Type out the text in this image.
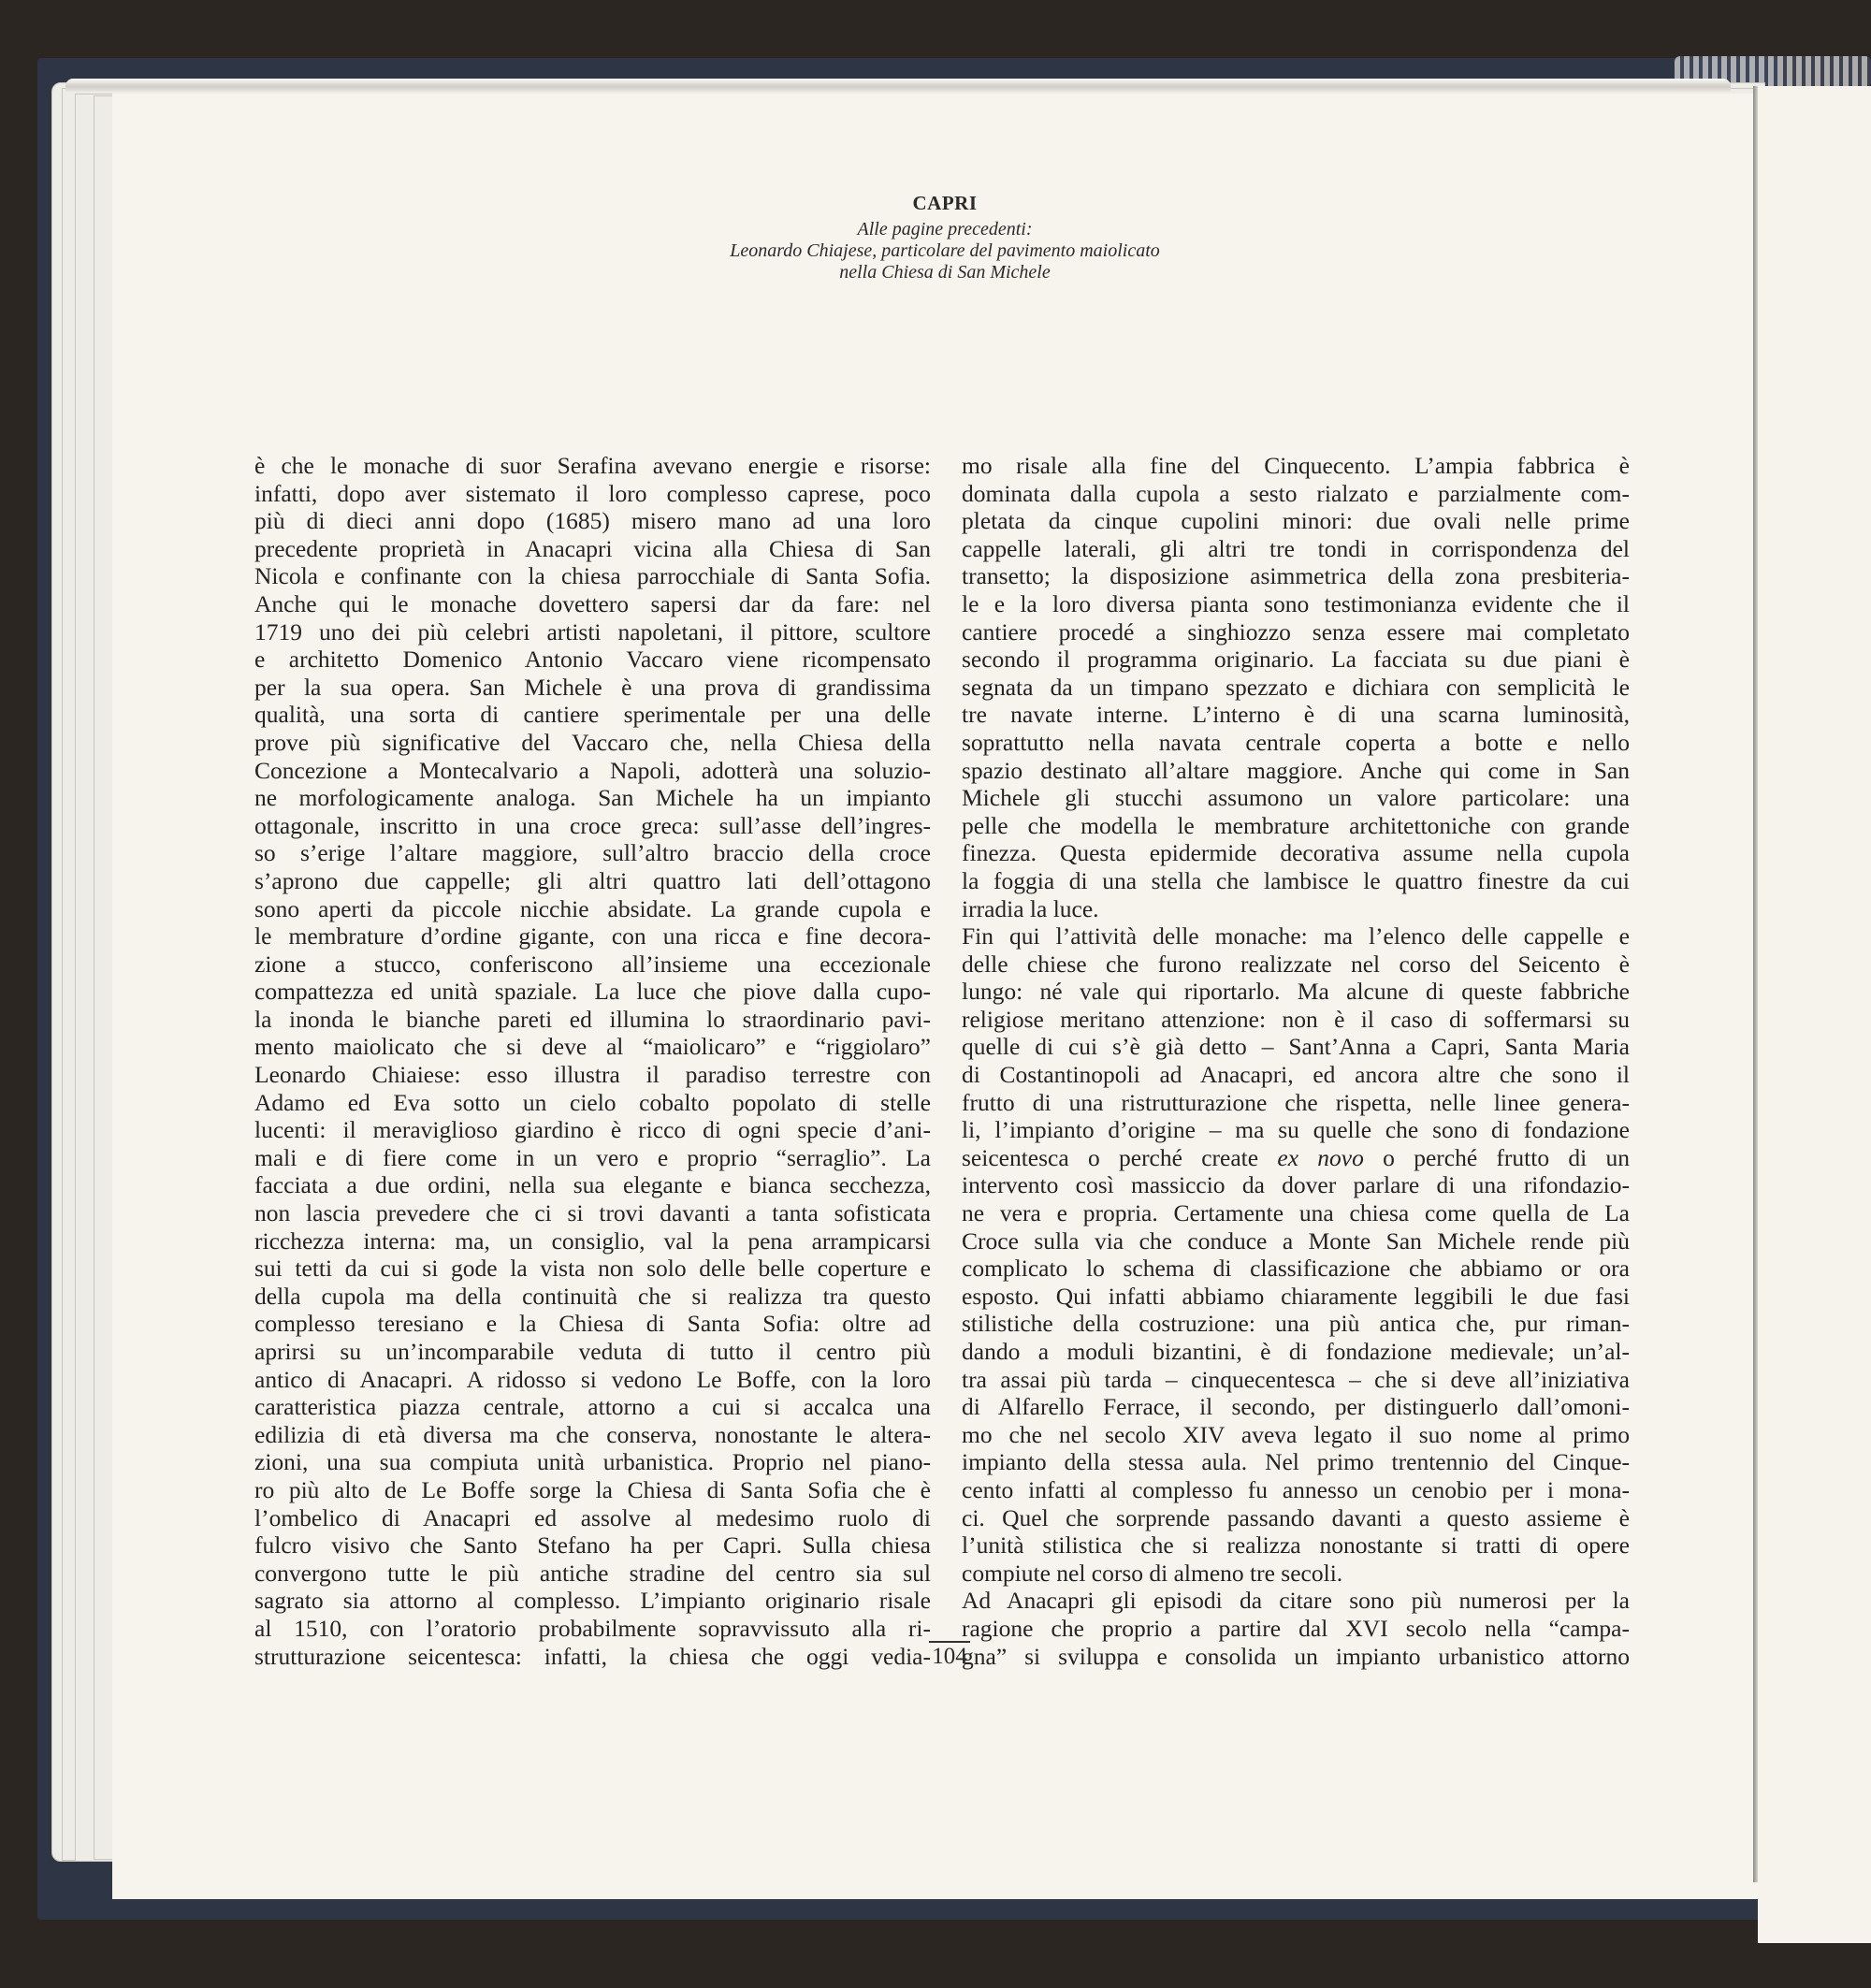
CAPRI
Alle pagine precedenti:
Leonardo Chiajese, particolare del pavimento maiolicato
nella Chiesa di San Michele
è che le monache di suor Serafina avevano energie e risorse:
infatti, dopo aver sistemato il loro complesso caprese, poco
più di dieci anni dopo (1685) misero mano ad una loro
precedente proprietà in Anacapri vicina alla Chiesa di San
Nicola e confinante con la chiesa parrocchiale di Santa Sofia.
Anche qui le monache dovettero sapersi dar da fare: nel
1719 uno dei più celebri artisti napoletani, il pittore, scultore
e architetto Domenico Antonio Vaccaro viene ricompensato
per la sua opera. San Michele è una prova di grandissima
qualità, una sorta di cantiere sperimentale per una delle
prove più significative del Vaccaro che, nella Chiesa della
Concezione a Montecalvario a Napoli, adotterà una soluzio-
ne morfologicamente analoga. San Michele ha un impianto
ottagonale, inscritto in una croce greca: sull’asse dell’ingres-
so s’erige l’altare maggiore, sull’altro braccio della croce
s’aprono due cappelle; gli altri quattro lati dell’ottagono
sono aperti da piccole nicchie absidate. La grande cupola e
le membrature d’ordine gigante, con una ricca e fine decora-
zione a stucco, conferiscono all’insieme una eccezionale
compattezza ed unità spaziale. La luce che piove dalla cupo-
la inonda le bianche pareti ed illumina lo straordinario pavi-
mento maiolicato che si deve al “maiolicaro” e “riggiolaro”
Leonardo Chiaiese: esso illustra il paradiso terrestre con
Adamo ed Eva sotto un cielo cobalto popolato di stelle
lucenti: il meraviglioso giardino è ricco di ogni specie d’ani-
mali e di fiere come in un vero e proprio “serraglio”. La
facciata a due ordini, nella sua elegante e bianca secchezza,
non lascia prevedere che ci si trovi davanti a tanta sofisticata
ricchezza interna: ma, un consiglio, val la pena arrampicarsi
sui tetti da cui si gode la vista non solo delle belle coperture e
della cupola ma della continuità che si realizza tra questo
complesso teresiano e la Chiesa di Santa Sofia: oltre ad
aprirsi su un’incomparabile veduta di tutto il centro più
antico di Anacapri. A ridosso si vedono Le Boffe, con la loro
caratteristica piazza centrale, attorno a cui si accalca una
edilizia di età diversa ma che conserva, nonostante le altera-
zioni, una sua compiuta unità urbanistica. Proprio nel piano-
ro più alto de Le Boffe sorge la Chiesa di Santa Sofia che è
l’ombelico di Anacapri ed assolve al medesimo ruolo di
fulcro visivo che Santo Stefano ha per Capri. Sulla chiesa
convergono tutte le più antiche stradine del centro sia sul
sagrato sia attorno al complesso. L’impianto originario risale
al 1510, con l’oratorio probabilmente sopravvissuto alla ri-
strutturazione seicentesca: infatti, la chiesa che oggi vedia-
mo risale alla fine del Cinquecento. L’ampia fabbrica è
dominata dalla cupola a sesto rialzato e parzialmente com-
pletata da cinque cupolini minori: due ovali nelle prime
cappelle laterali, gli altri tre tondi in corrispondenza del
transetto; la disposizione asimmetrica della zona presbiteria-
le e la loro diversa pianta sono testimonianza evidente che il
cantiere procedé a singhiozzo senza essere mai completato
secondo il programma originario. La facciata su due piani è
segnata da un timpano spezzato e dichiara con semplicità le
tre navate interne. L’interno è di una scarna luminosità,
soprattutto nella navata centrale coperta a botte e nello
spazio destinato all’altare maggiore. Anche qui come in San
Michele gli stucchi assumono un valore particolare: una
pelle che modella le membrature architettoniche con grande
finezza. Questa epidermide decorativa assume nella cupola
la foggia di una stella che lambisce le quattro finestre da cui
irradia la luce.
Fin qui l’attività delle monache: ma l’elenco delle cappelle e
delle chiese che furono realizzate nel corso del Seicento è
lungo: né vale qui riportarlo. Ma alcune di queste fabbriche
religiose meritano attenzione: non è il caso di soffermarsi su
quelle di cui s’è già detto – Sant’Anna a Capri, Santa Maria
di Costantinopoli ad Anacapri, ed ancora altre che sono il
frutto di una ristrutturazione che rispetta, nelle linee genera-
li, l’impianto d’origine – ma su quelle che sono di fondazione
seicentesca o perché create ex novo o perché frutto di un
intervento così massiccio da dover parlare di una rifondazio-
ne vera e propria. Certamente una chiesa come quella de La
Croce sulla via che conduce a Monte San Michele rende più
complicato lo schema di classificazione che abbiamo or ora
esposto. Qui infatti abbiamo chiaramente leggibili le due fasi
stilistiche della costruzione: una più antica che, pur riman-
dando a moduli bizantini, è di fondazione medievale; un’al-
tra assai più tarda – cinquecentesca – che si deve all’iniziativa
di Alfarello Ferrace, il secondo, per distinguerlo dall’omoni-
mo che nel secolo XIV aveva legato il suo nome al primo
impianto della stessa aula. Nel primo trentennio del Cinque-
cento infatti al complesso fu annesso un cenobio per i mona-
ci. Quel che sorprende passando davanti a questo assieme è
l’unità stilistica che si realizza nonostante si tratti di opere
compiute nel corso di almeno tre secoli.
Ad Anacapri gli episodi da citare sono più numerosi per la
ragione che proprio a partire dal XVI secolo nella “campa-
gna” si sviluppa e consolida un impianto urbanistico attorno
104
